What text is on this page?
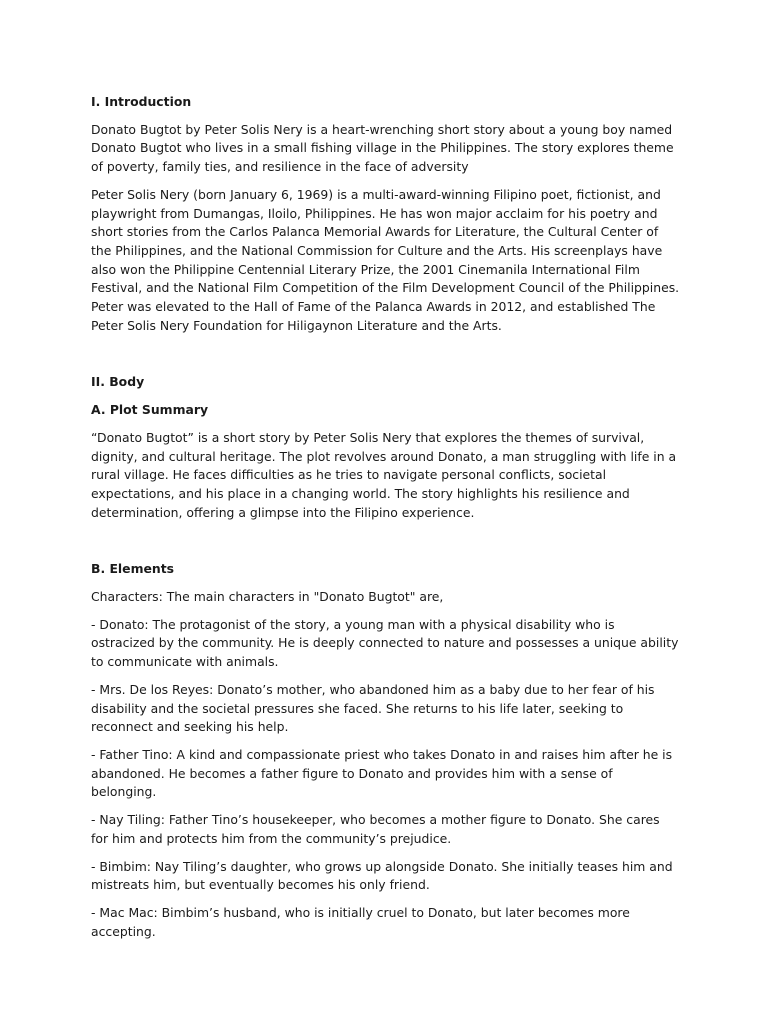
I. Introduction

Donato Bugtot by Peter Solis Nery is a heart-wrenching short story about a young boy named Donato Bugtot who lives in a small fishing village in the Philippines. The story explores theme of poverty, family ties, and resilience in the face of adversity

Peter Solis Nery (born January 6, 1969) is a multi-award-winning Filipino poet, fictionist, and playwright from Dumangas, Iloilo, Philippines. He has won major acclaim for his poetry and short stories from the Carlos Palanca Memorial Awards for Literature, the Cultural Center of the Philippines, and the National Commission for Culture and the Arts. His screenplays have also won the Philippine Centennial Literary Prize, the 2001 Cinemanila International Film Festival, and the National Film Competition of the Film Development Council of the Philippines. Peter was elevated to the Hall of Fame of the Palanca Awards in 2012, and established The Peter Solis Nery Foundation for Hiligaynon Literature and the Arts.

II. Body

A. Plot Summary

“Donato Bugtot” is a short story by Peter Solis Nery that explores the themes of survival, dignity, and cultural heritage. The plot revolves around Donato, a man struggling with life in a rural village. He faces difficulties as he tries to navigate personal conflicts, societal expectations, and his place in a changing world. The story highlights his resilience and determination, offering a glimpse into the Filipino experience.

B. Elements

Characters: The main characters in "Donato Bugtot" are,

- Donato: The protagonist of the story, a young man with a physical disability who is ostracized by the community. He is deeply connected to nature and possesses a unique ability to communicate with animals.

- Mrs. De los Reyes: Donato’s mother, who abandoned him as a baby due to her fear of his disability and the societal pressures she faced. She returns to his life later, seeking to reconnect and seeking his help.

- Father Tino: A kind and compassionate priest who takes Donato in and raises him after he is abandoned. He becomes a father figure to Donato and provides him with a sense of belonging.

- Nay Tiling: Father Tino’s housekeeper, who becomes a mother figure to Donato. She cares for him and protects him from the community’s prejudice.

- Bimbim: Nay Tiling’s daughter, who grows up alongside Donato. She initially teases him and mistreats him, but eventually becomes his only friend.

- Mac Mac: Bimbim’s husband, who is initially cruel to Donato, but later becomes more accepting.
